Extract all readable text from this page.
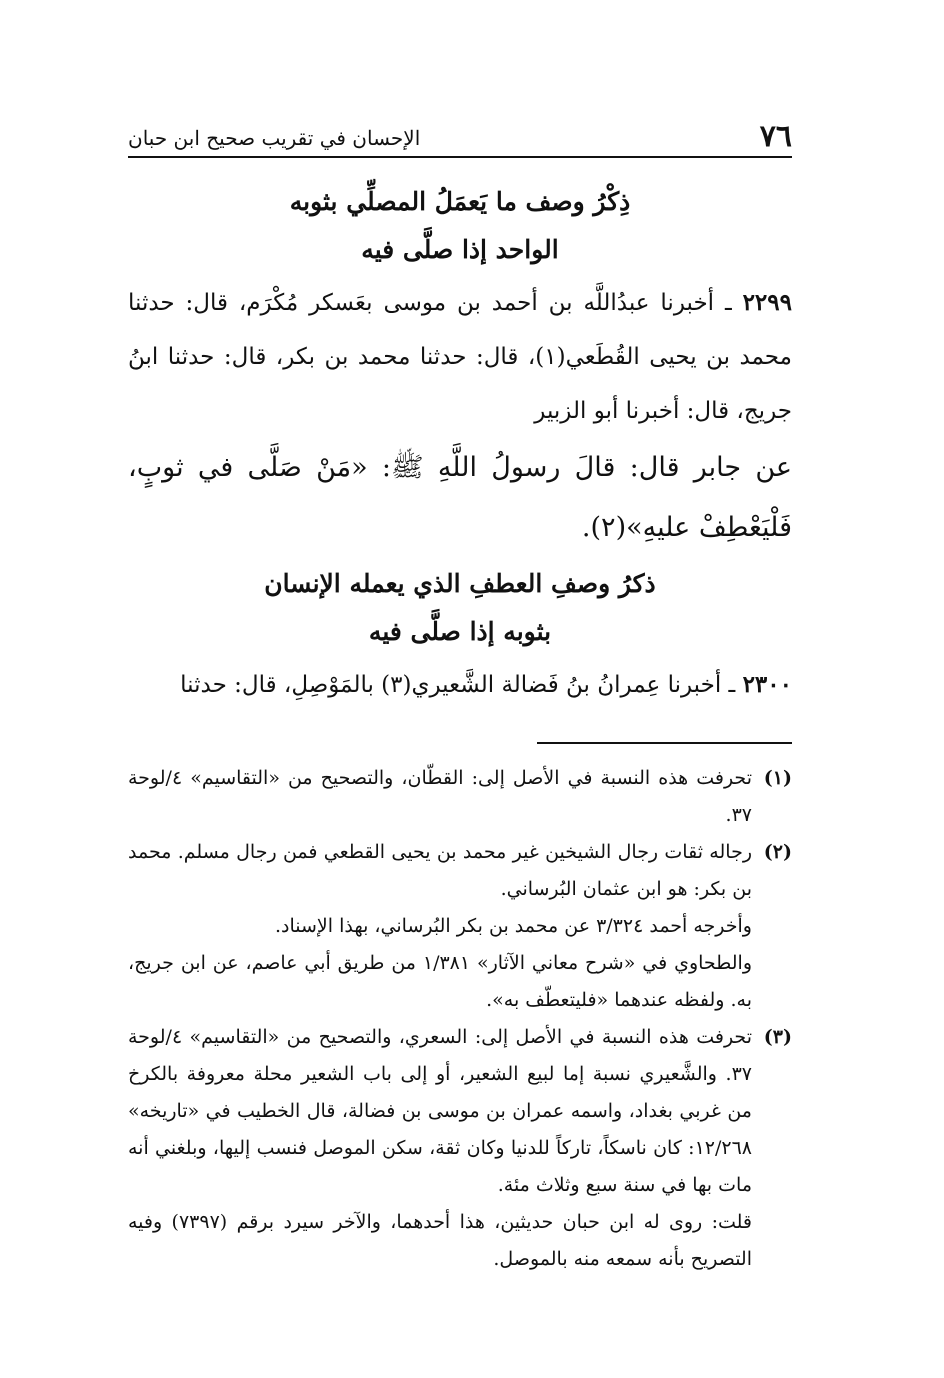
٧٦
الإحسان في تقريب صحيح ابن حبان
ذِكْرُ وصف ما يَعمَلُ المصلِّي بثوبه
الواحد إذا صلَّى فيه
٢٢٩٩ ـ أخبرنا عبدُاللَّه بن أحمد بن موسى بعَسكر مُكْرَم، قال: حدثنا محمد بن يحيى القُطَعي(١)، قال: حدثنا محمد بن بكر، قال: حدثنا ابنُ جريج، قال: أخبرنا أبو الزبير
عن جابر قال: قالَ رسولُ اللَّهِ ﷺ: «مَنْ صَلَّى في ثوبٍ، فَلْيَعْطِفْ عليهِ»(٢).
ذكرُ وصفِ العطفِ الذي يعمله الإنسان
بثوبه إذا صلَّى فيه
٢٣٠٠ ـ أخبرنا عِمرانُ بنُ فَضالة الشَّعيري(٣) بالمَوْصِلِ، قال: حدثنا
(١)
تحرفت هذه النسبة في الأصل إلى: القطّان، والتصحيح من «التقاسيم» ٤/لوحة ٣٧.
(٢)
رجاله ثقات رجال الشيخين غير محمد بن يحيى القطعي فمن رجال مسلم. محمد بن بكر: هو ابن عثمان البُرساني.
وأخرجه أحمد ٣/٣٢٤ عن محمد بن بكر البُرساني، بهذا الإسناد.
والطحاوي في «شرح معاني الآثار» ١/٣٨١ من طريق أبي عاصم، عن ابن جريج، به. ولفظه عندهما «فليتعطّف به».
(٣)
تحرفت هذه النسبة في الأصل إلى: السعري، والتصحيح من «التقاسيم» ٤/لوحة ٣٧. والشَّعيري نسبة إما لبيع الشعير، أو إلى باب الشعير محلة معروفة بالكرخ من غربي بغداد، واسمه عمران بن موسى بن فضالة، قال الخطيب في «تاريخه» ١٢/٢٦٨: كان ناسكاً، تاركاً للدنيا وكان ثقة، سكن الموصل فنسب إليها، وبلغني أنه مات بها في سنة سبع وثلاث مئة.
قلت: روى له ابن حبان حديثين، هذا أحدهما، والآخر سيرد برقم (٧٣٩٧) وفيه التصريح بأنه سمعه منه بالموصل.
